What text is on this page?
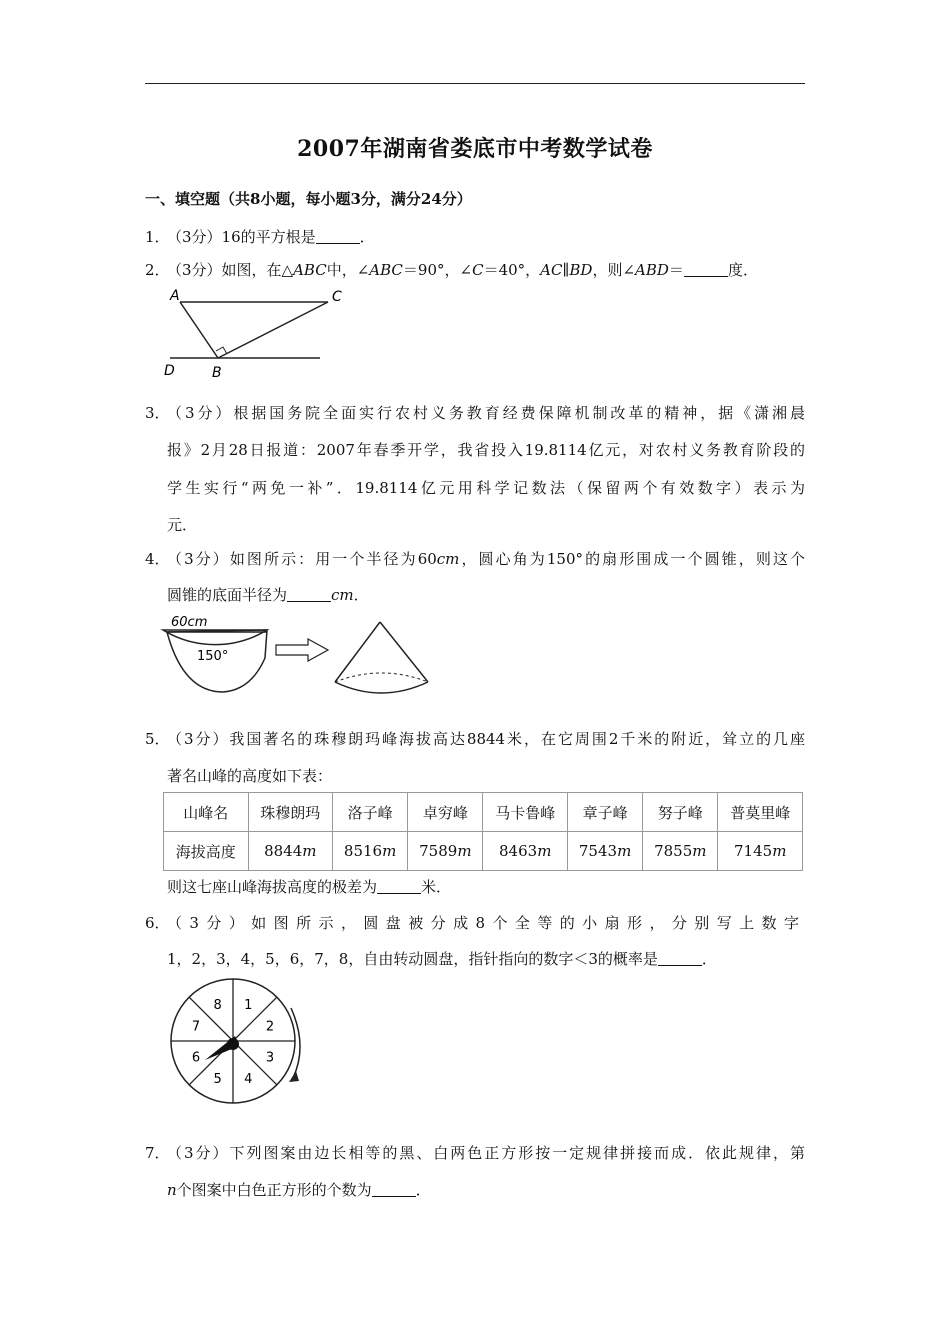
2007年湖南省娄底市中考数学试卷
一、填空题（共8小题，每小题3分，满分24分）
1．
（3分）16的平方根是	．
2．
（3分）如图，在△ABC中，∠ABC＝90°，∠C＝40°，AC∥BD，则∠ABD＝	度．
A	C
D	B
3．
（3分）根据国务院全面实行农村义务教育经费保障机制改革的精神，据《潇湘晨
报》2月28日报道：2007年春季开学，我省投入19.8114亿元，对农村义务教育阶段的
学生实行“两免一补”．19.8114亿元用科学记数法（保留两个有效数字）表示为
元．
4．
（3分）如图所示：用一个半径为60cm，圆心角为150°的扇形围成一个圆锥，则这个
圆锥的底面半径为	cm．
60cm
150°
5．
（3分）我国著名的珠穆朗玛峰海拔高达8844米，在它周围2千米的附近，耸立的几座
著名山峰的高度如下表：
山峰名	珠穆朗玛	洛子峰	卓穷峰	马卡鲁峰	章子峰	努子峰	普莫里峰
海拔高度	8844m	8516m	7589m	8463m	7543m	7855m	7145m
则这七座山峰海拔高度的极差为	米．
6．
（3分）如图所示，圆盘被分成8个全等的小扇形，分别写上数字
1，2，3，4，5，6，7，8，自由转动圆盘，指针指向的数字＜3的概率是	．
1
2
3
4
5
6
7
8
7．
（3分）下列图案由边长相等的黑、白两色正方形按一定规律拼接而成．依此规律，第
n个图案中白色正方形的个数为	．
